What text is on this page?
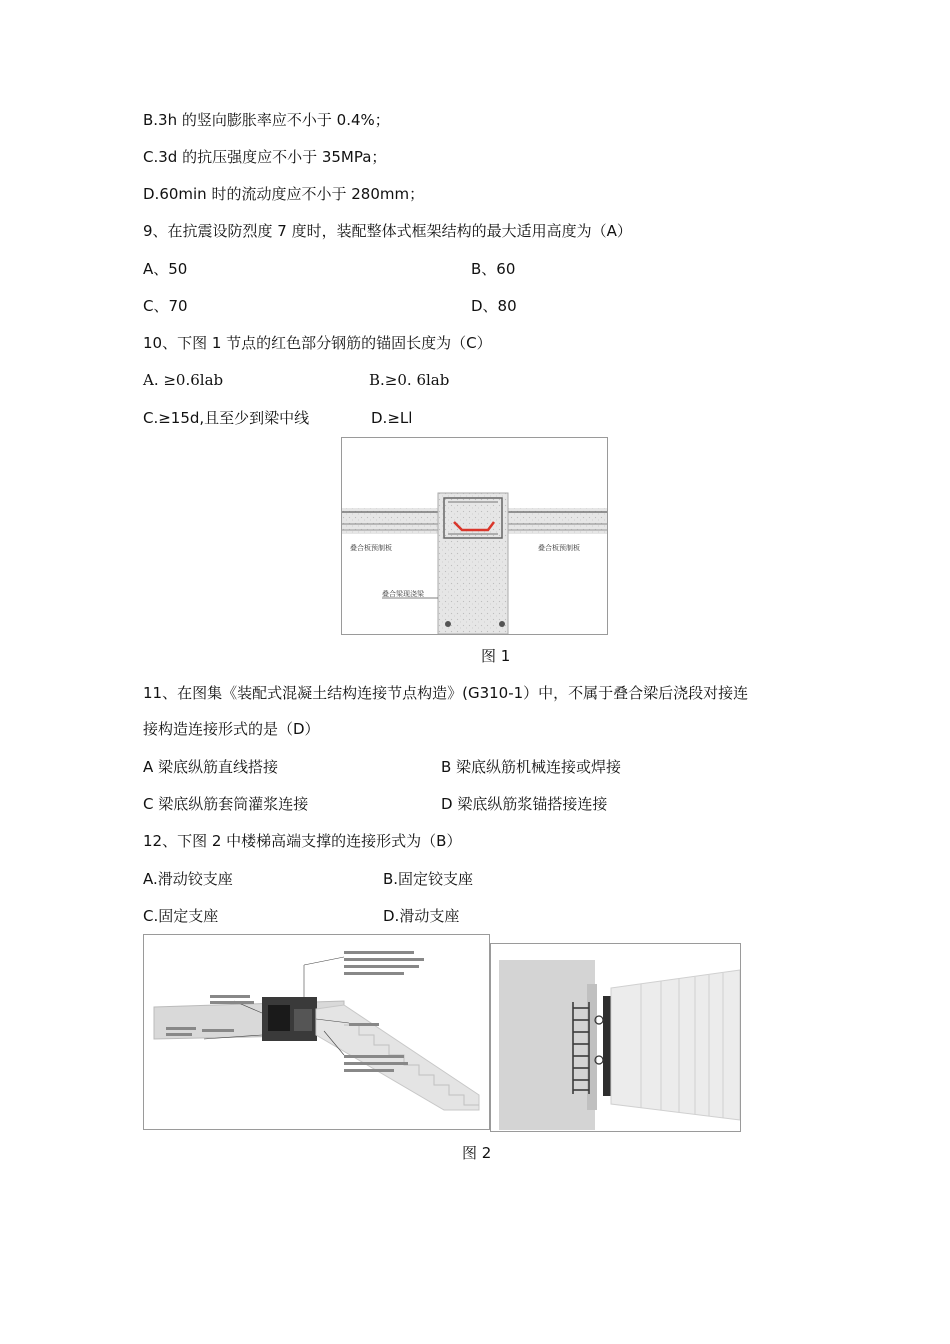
B.3h 的竖向膨胀率应不小于 0.4%；
C.3d 的抗压强度应不小于 35MPa；
D.60min 时的流动度应不小于 280mm；
9、在抗震设防烈度 7 度时，装配整体式框架结构的最大适用高度为（A）
A、50	B、60
C、70	D、80
10、下图 1 节点的红色部分钢筋的锚固长度为（C）
A. ≥0.6lab	B.≥0. 6lab
C.≥15d,且至少到梁中线	D.≥Ll
叠合板预制板	叠合板预制板
叠合梁现浇梁
图 1
11、在图集《装配式混凝土结构连接节点构造》(G310-1）中，不属于叠合梁后浇段对接连
接构造连接形式的是（D）
A 梁底纵筋直线搭接	B 梁底纵筋机械连接或焊接
C 梁底纵筋套筒灌浆连接	D 梁底纵筋浆锚搭接连接
12、下图 2 中楼梯高端支撑的连接形式为（B）
A.滑动铰支座	B.固定铰支座
C.固定支座	D.滑动支座
图 2
